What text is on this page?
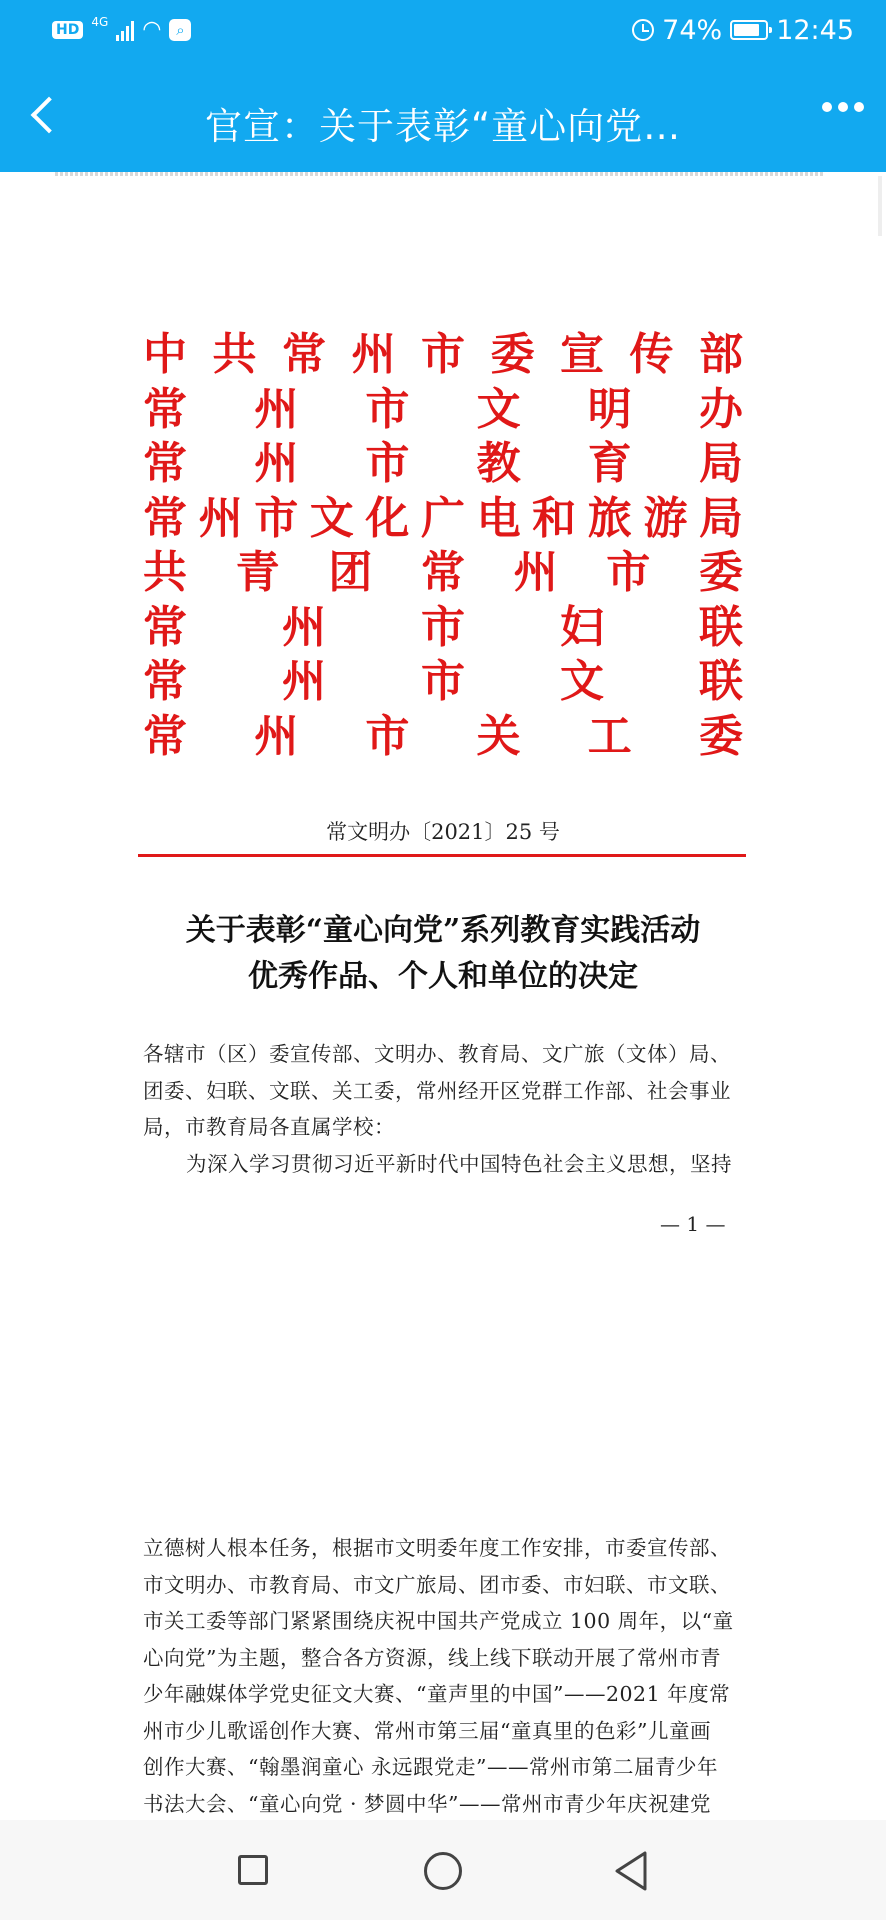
HD	4G ◠ ⌕	74% 12:45
官宣：关于表彰“童心向党…
中 共 常 州 市 委 宣 传 部
常 州 市 文 明 办
常 州 市 教 育 局
常 州 市 文 化 广 电 和 旅 游 局
共 青 团 常 州 市 委
常 州 市 妇 联
常 州 市 文 联
常 州 市 关 工 委
常文明办〔2021〕25 号
关于表彰“童心向党”系列教育实践活动
优秀作品、个人和单位的决定

各辖市（区）委宣传部、文明办、教育局、文广旅（文体）局、

团委、妇联、文联、关工委，常州经开区党群工作部、社会事业

局，市教育局各直属学校：

为深入学习贯彻习近平新时代中国特色社会主义思想，坚持

— 1 —

立德树人根本任务，根据市文明委年度工作安排，市委宣传部、

市文明办、市教育局、市文广旅局、团市委、市妇联、市文联、

市关工委等部门紧紧围绕庆祝中国共产党成立 100 周年，以“童

心向党”为主题，整合各方资源，线上线下联动开展了常州市青

少年融媒体学党史征文大赛、“童声里的中国”——2021 年度常

州市少儿歌谣创作大赛、常州市第三届“童真里的色彩”儿童画

创作大赛、“翰墨润童心 永远跟党走”——常州市第二届青少年

书法大会、“童心向党 · 梦圆中华”——常州市青少年庆祝建党
